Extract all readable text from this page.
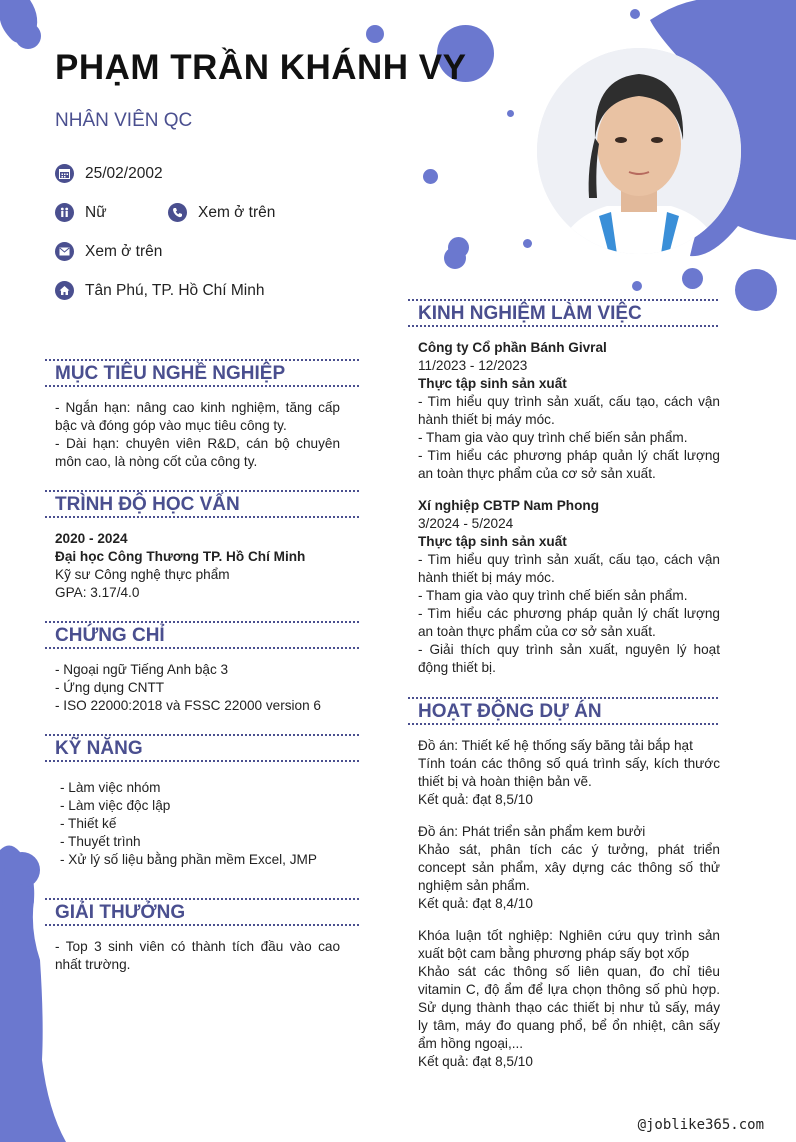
PHẠM TRẦN KHÁNH VY
NHÂN VIÊN QC
25/02/2002
Nữ	Xem ở trên
Xem ở trên
Tân Phú, TP. Hồ Chí Minh
MỤC TIÊU NGHỀ NGHIỆP
- Ngắn hạn: nâng cao kinh nghiệm, tăng cấp bậc và đóng góp vào mục tiêu công ty.
- Dài hạn: chuyên viên R&D, cán bộ chuyên môn cao, là nòng cốt của công ty.
TRÌNH ĐỘ HỌC VẤN
2020 - 2024
Đại học Công Thương TP. Hồ Chí Minh
Kỹ sư Công nghệ thực phẩm
GPA: 3.17/4.0
CHỨNG CHỈ
- Ngoại ngữ Tiếng Anh bậc 3
- Ứng dụng CNTT
- ISO 22000:2018 và FSSC 22000 version 6
KỸ NĂNG
- Làm việc nhóm
- Làm việc độc lập
- Thiết kế
- Thuyết trình
- Xử lý số liệu bằng phần mềm Excel, JMP
GIẢI THƯỞNG
- Top 3 sinh viên có thành tích đầu vào cao nhất trường.
KINH NGHIỆM LÀM VIỆC
Công ty Cổ phần Bánh Givral
11/2023 - 12/2023
Thực tập sinh sản xuất
- Tìm hiểu quy trình sản xuất, cấu tạo, cách vận hành thiết bị máy móc.
- Tham gia vào quy trình chế biến sản phẩm.
- Tìm hiểu các phương pháp quản lý chất lượng an toàn thực phẩm của cơ sở sản xuất.
Xí nghiệp CBTP Nam Phong
3/2024 - 5/2024
Thực tập sinh sản xuất
- Tìm hiểu quy trình sản xuất, cấu tạo, cách vận hành thiết bị máy móc.
- Tham gia vào quy trình chế biến sản phẩm.
- Tìm hiểu các phương pháp quản lý chất lượng an toàn thực phẩm của cơ sở sản xuất.
- Giải thích quy trình sản xuất, nguyên lý hoạt động thiết bị.
HOẠT ĐỘNG DỰ ÁN
Đồ án: Thiết kế hệ thống sấy băng tải bắp hạt
Tính toán các thông số quá trình sấy, kích thước thiết bị và hoàn thiện bản vẽ.
Kết quả: đạt 8,5/10
Đồ án: Phát triển sản phẩm kem bưởi
Khảo sát, phân tích các ý tưởng, phát triển concept sản phẩm, xây dựng các thông số thử nghiệm sản phẩm.
Kết quả: đạt 8,4/10
Khóa luận tốt nghiệp: Nghiên cứu quy trình sản xuất bột cam bằng phương pháp sấy bọt xốp
Khảo sát các thông số liên quan, đo chỉ tiêu vitamin C, độ ẩm để lựa chọn thông số phù hợp. Sử dụng thành thạo các thiết bị như tủ sấy, máy ly tâm, máy đo quang phổ, bể ổn nhiệt, cân sấy ẩm hồng ngoại,...
Kết quả: đạt 8,5/10
@joblike365.com
